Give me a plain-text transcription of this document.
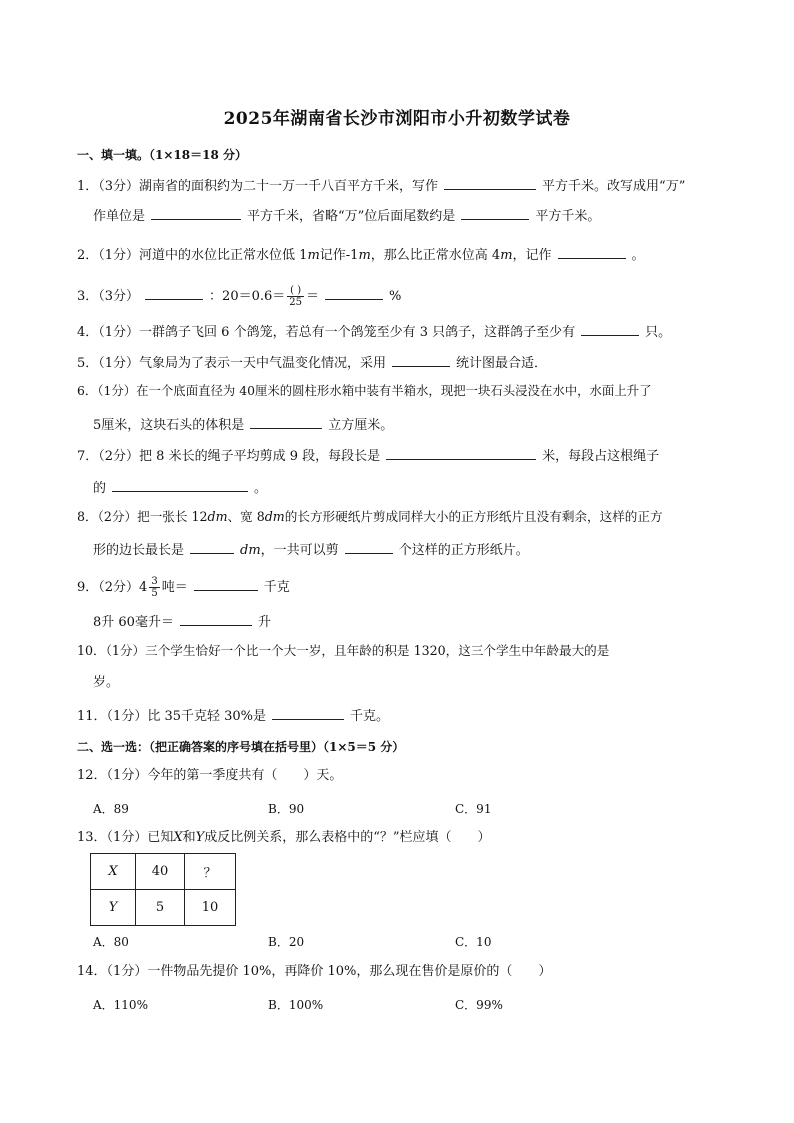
2025年湖南省长沙市浏阳市小升初数学试卷
一、填一填。（1×18＝18 分）
1．（3分）湖南省的面积约为二十一万一千八百平方千米，写作	平方千米。改写成用“万”
作单位是	平方千米，省略“万”位后面尾数约是	平方千米。
2．（1分）河道中的水位比正常水位低 1m记作-1m，那么比正常水位高 4m，记作	。
3．（3分）	：$20=0.6= \frac{( )}{25}$ ＝	%
4．（1分）一群鸽子飞回 6 个鸽笼，若总有一个鸽笼至少有 3 只鸽子，这群鸽子至少有	只。
5．（1分）气象局为了表示一天中气温变化情况，采用	统计图最合适．
6．（1分）在一个底面直径为 40厘米的圆柱形水箱中装有半箱水，现把一块石头浸没在水中，水面上升了
5厘米，这块石头的体积是	立方厘米。
7．（2分）把 8 米长的绳子平均剪成 9 段，每段长是	米，每段占这根绳子
的	。
8．（2分）把一张长 12dm、宽 8dm的长方形硬纸片剪成同样大小的正方形纸片且没有剩余，这样的正方
形的边长最长是	dm，一共可以剪	个这样的正方形纸片。
9．（2分）$4 \frac{3}{5}$ 吨＝	千克
8升 60毫升＝	升
10．（1分）三个学生恰好一个比一个大一岁，且年龄的积是 1320，这三个学生中年龄最大的是
岁。
11．（1分）比 35千克轻 30%是	千克。
二、选一选：（把正确答案的序号填在括号里）（1×5＝5 分）
12．（1分）今年的第一季度共有（　　）天。
A．89	B．90	C．91
13．（1分）已知X和Y成反比例关系，那么表格中的“？”栏应填（　　）
X	40	？
Y	5	10
A．80	B．20	C．10
14．（1分）一件物品先提价 10%，再降价 10%，那么现在售价是原价的（　　）
A．110%	B．100%	C．99%
